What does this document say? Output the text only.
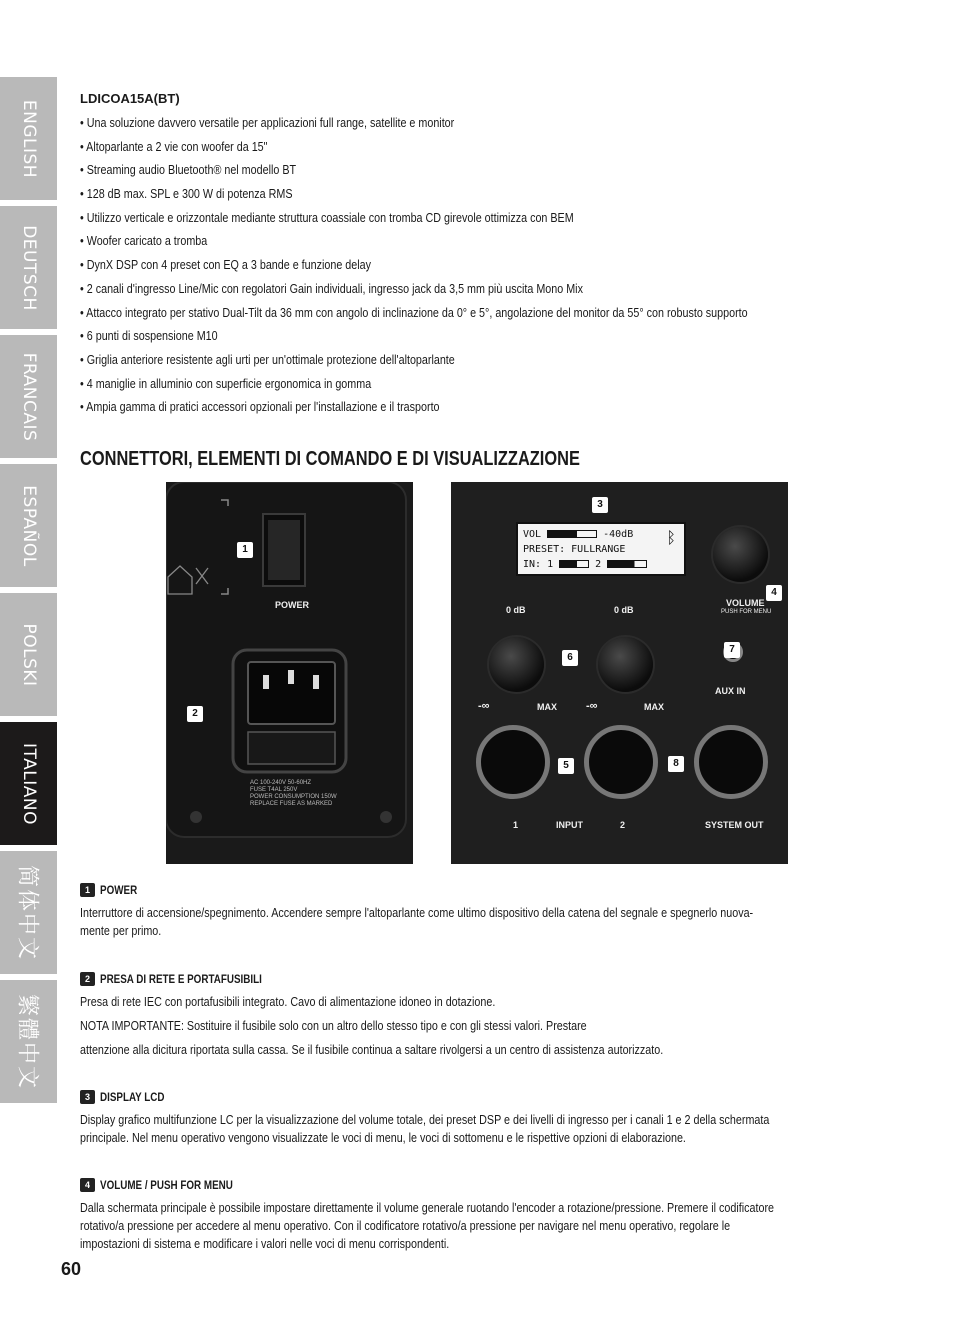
ENGLISH
DEUTSCH
FRANCAIS
ESPAÑOL
POLSKI
ITALIANO
简体中文
繁體中文
LDICOA15A(BT)
• Una soluzione davvero versatile per applicazioni full range, satellite e monitor
• Altoparlante a 2 vie con woofer da 15"
• Streaming audio Bluetooth® nel modello BT
• 128 dB max. SPL e 300 W di potenza RMS
• Utilizzo verticale e orizzontale mediante struttura coassiale con tromba CD girevole ottimizza con BEM
• Woofer caricato a tromba
• DynX DSP con 4 preset con EQ a 3 bande e funzione delay
• 2 canali d'ingresso Line/Mic con regolatori Gain individuali, ingresso jack da 3,5 mm più uscita Mono Mix
• Attacco integrato per stativo Dual-Tilt da 36 mm con angolo di inclinazione da 0° e 5°, angolazione del monitor da 55° con robusto supporto
• 6 punti di sospensione M10
• Griglia anteriore resistente agli urti per un'ottimale protezione dell'altoparlante
• 4 maniglie in alluminio con superficie ergonomica in gomma
• Ampia gamma di pratici accessori opzionali per l'installazione e il trasporto
CONNETTORI, ELEMENTI DI COMANDO E DI VISUALIZZAZIONE
POWER
AC 100-240V 50-60HZ
FUSE T4AL 250V
POWER CONSUMPTION 150W
REPLACE FUSE AS MARKED
1
2
VOL	-40dB
PRESET: FULLRANGE
IN: 1	2
ᛒ
VOLUME
PUSH FOR MENU
0 dB	0 dB
-∞	MAX	-∞	MAX
AUX IN
1	INPUT	2	SYSTEM OUT
3
4
5
6
7
8
1 POWER

Interruttore di accensione/spegnimento. Accendere sempre l'altoparlante come ultimo dispositivo della catena del segnale e spegnerlo nuova-

mente per primo.

2 PRESA DI RETE E PORTAFUSIBILI

Presa di rete IEC con portafusibili integrato. Cavo di alimentazione idoneo in dotazione.

NOTA IMPORTANTE: Sostituire il fusibile solo con un altro dello stesso tipo e con gli stessi valori. Prestare

attenzione alla dicitura riportata sulla cassa. Se il fusibile continua a saltare rivolgersi a un centro di assistenza autorizzato.

3 DISPLAY LCD

Display grafico multifunzione LC per la visualizzazione del volume totale, dei preset DSP e dei livelli di ingresso per i canali 1 e 2 della schermata

principale. Nel menu operativo vengono visualizzate le voci di menu, le voci di sottomenu e le rispettive opzioni di elaborazione.

4 VOLUME / PUSH FOR MENU

Dalla schermata principale è possibile impostare direttamente il volume generale ruotando l'encoder a rotazione/pressione. Premere il codificatore

rotativo/a pressione per accedere al menu operativo. Con il codificatore rotativo/a pressione per navigare nel menu operativo, regolare le

impostazioni di sistema e modificare i valori nelle voci di menu corrispondenti.

60
